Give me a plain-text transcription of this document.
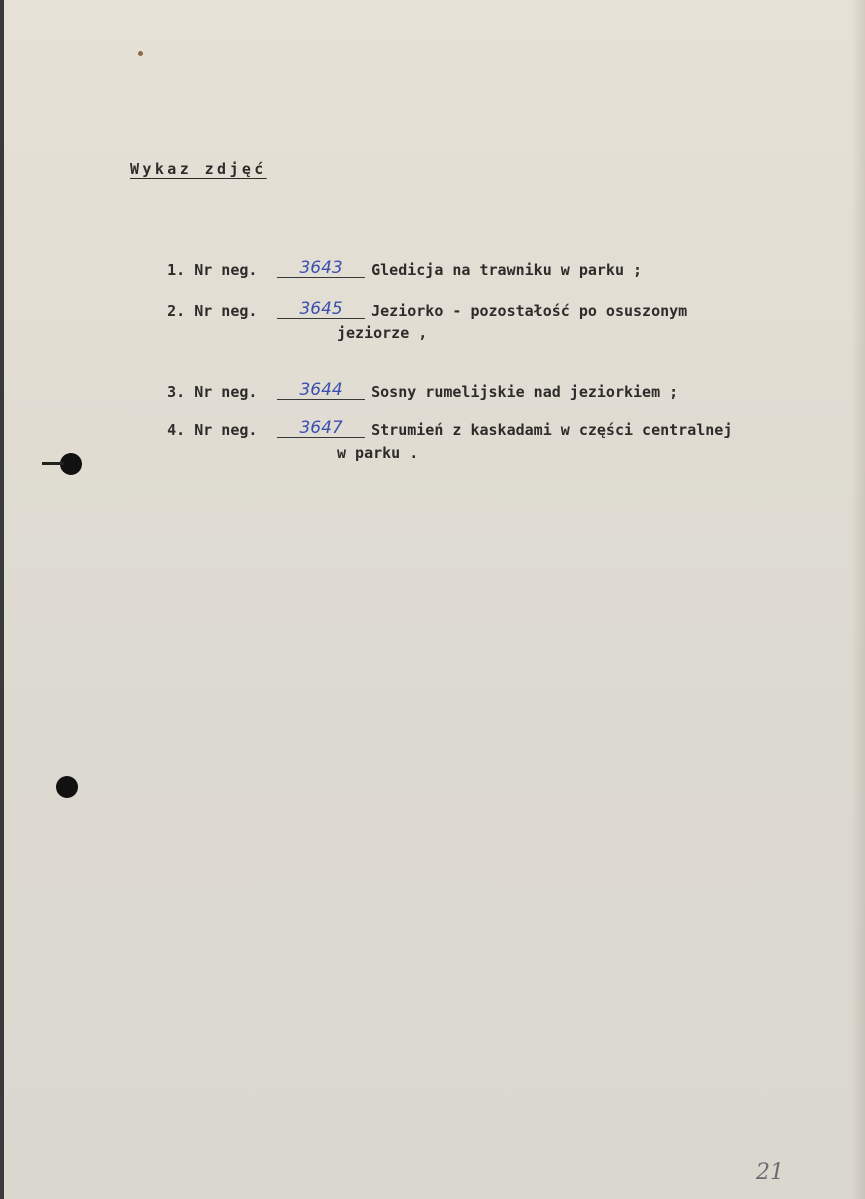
Wykaz zdjęć

1. Nr neg. 3643 Gledicja na trawniku w parku ;

2. Nr neg. 3645 Jeziorko - pozostałość po osuszonym

jeziorze ,

3. Nr neg. 3644 Sosny rumelijskie nad jeziorkiem ;

4. Nr neg. 3647 Strumień z kaskadami w części centralnej

w parku .
21
